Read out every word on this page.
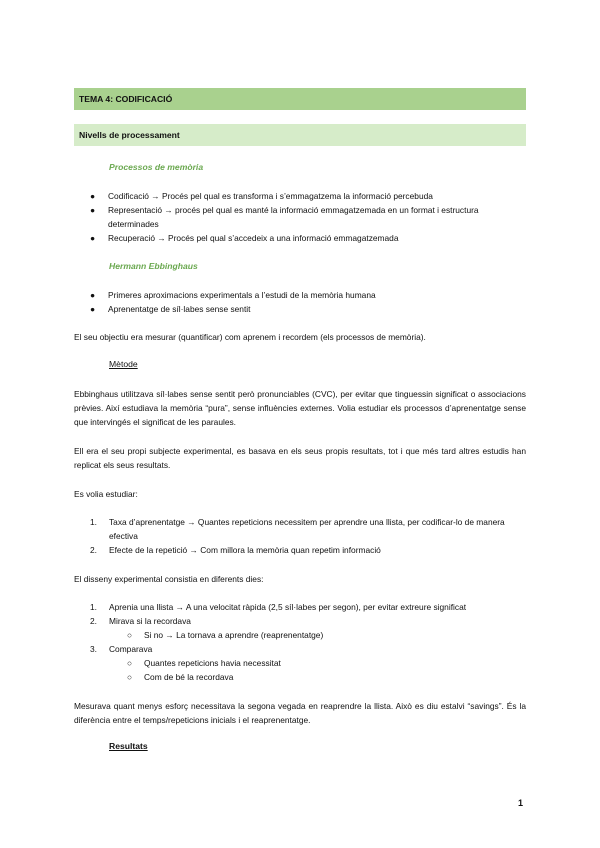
TEMA 4: CODIFICACIÓ
Nivells de processament
Processos de memòria
● Codificació → Procés pel qual es transforma i s’emmagatzema la informació percebuda
● Representació → procés pel qual es manté la informació emmagatzemada en un format i estructura determinades
● Recuperació → Procés pel qual s’accedeix a una informació emmagatzemada
Hermann Ebbinghaus
● Primeres aproximacions experimentals a l’estudi de la memòria humana
● Aprenentatge de síl·labes sense sentit
El seu objectiu era mesurar (quantificar) com aprenem i recordem (els processos de memòria).
Mètode
Ebbinghaus utilitzava síl·labes sense sentit però pronunciables (CVC), per evitar que tinguessin significat o associacions prèvies. Així estudiava la memòria “pura”, sense influències externes. Volia estudiar els processos d’aprenentatge sense que intervingés el significat de les paraules.
Ell era el seu propi subjecte experimental, es basava en els seus propis resultats, tot i que més tard altres estudis han replicat els seus resultats.
Es volia estudiar:
1. Taxa d’aprenentatge → Quantes repeticions necessitem per aprendre una llista, per codificar-lo de manera efectiva
2. Efecte de la repetició → Com millora la memòria quan repetim informació
El disseny experimental consistia en diferents dies:
1. Aprenia una llista → A una velocitat ràpida (2,5 síl·labes per segon), per evitar extreure significat
2. Mirava si la recordava
○ Si no → La tornava a aprendre (reaprenentatge)
3. Comparava
○ Quantes repeticions havia necessitat
○ Com de bé la recordava
Mesurava quant menys esforç necessitava la segona vegada en reaprendre la llista. Això es diu estalvi “savings”. És la diferència entre el temps/repeticions inicials i el reaprenentatge.
Resultats
1
